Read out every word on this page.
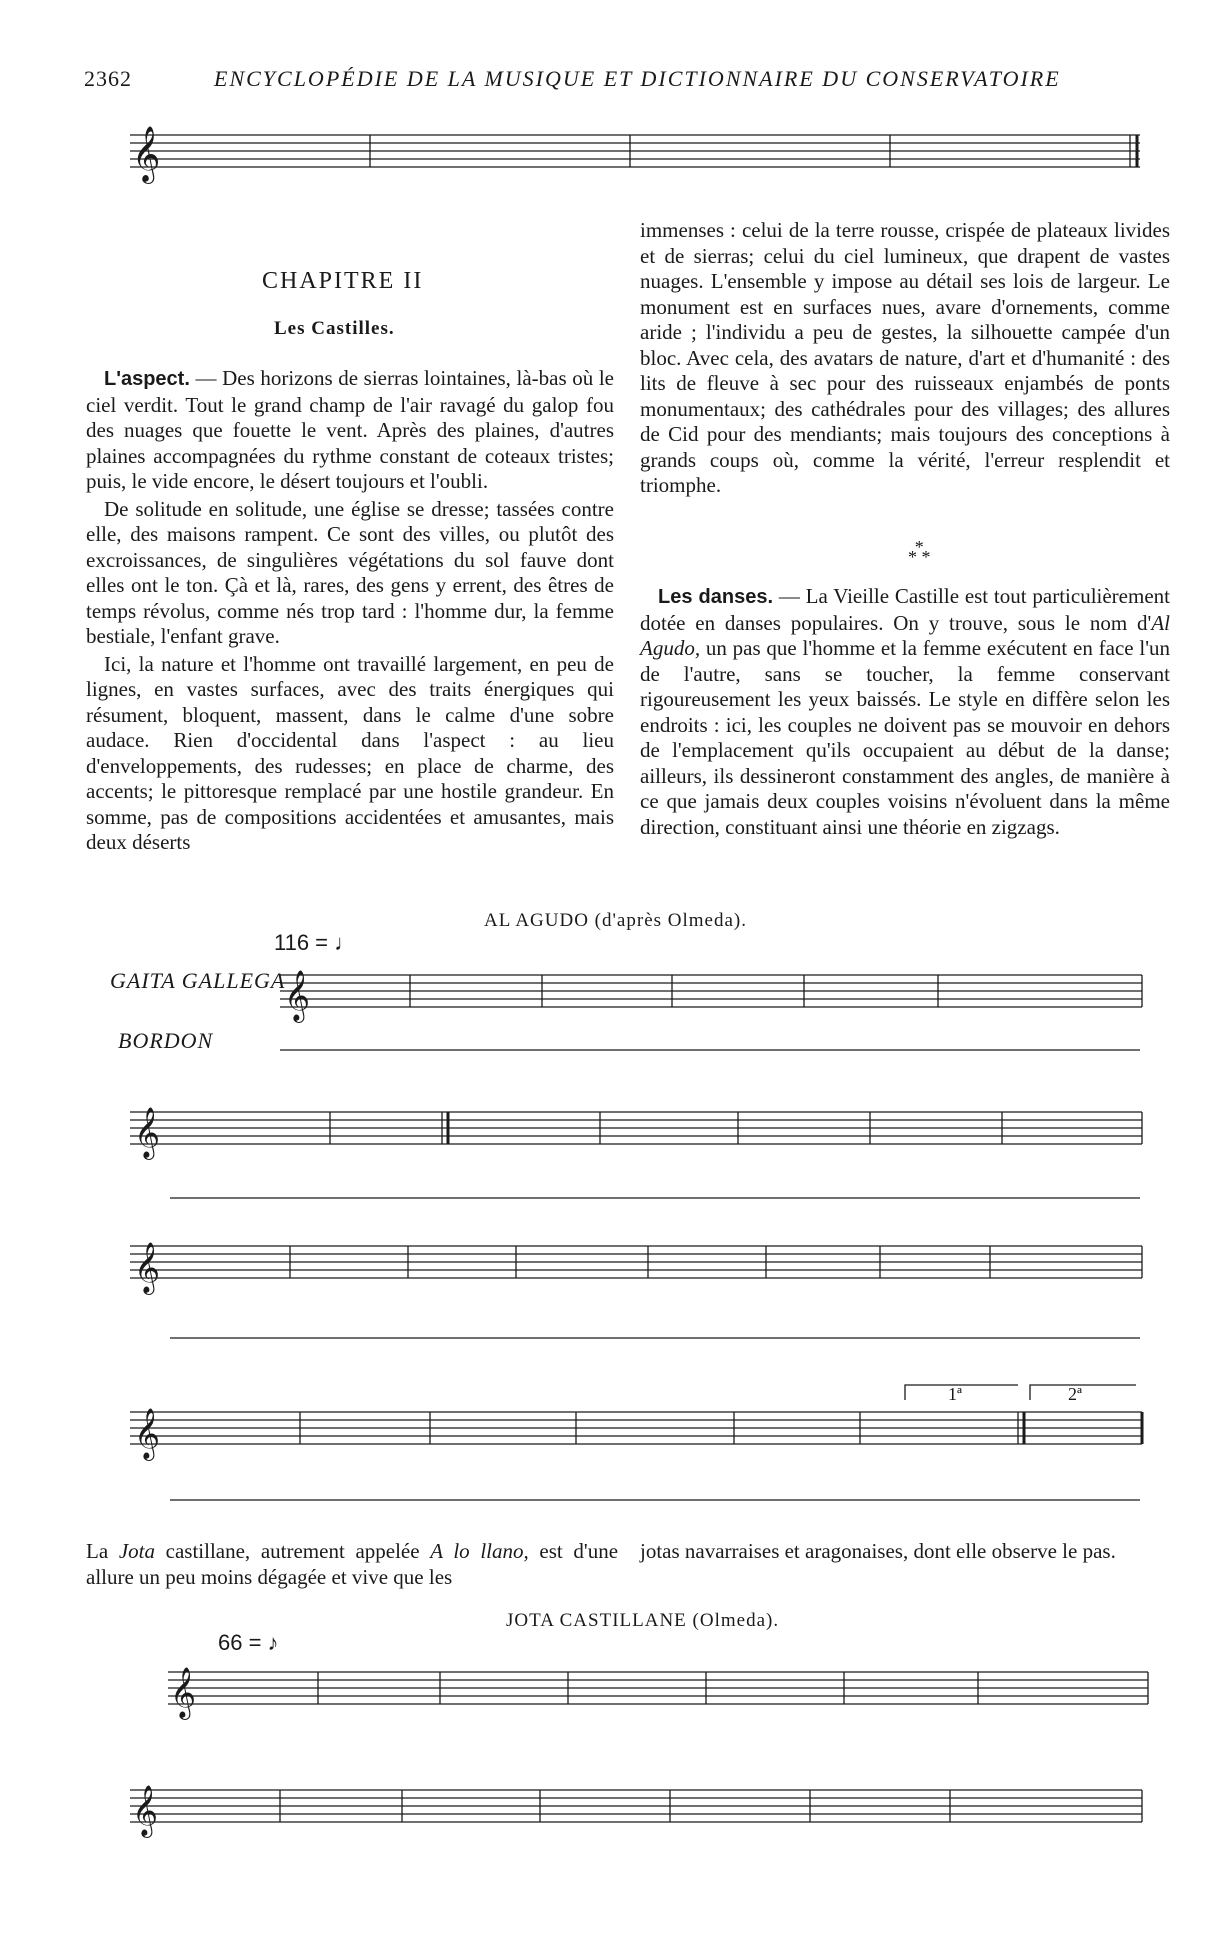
2362	ENCYCLOPÉDIE DE LA MUSIQUE ET DICTIONNAIRE DU CONSERVATOIRE
𝄞
CHAPITRE II
Les Castilles.

L'aspect. — Des horizons de sierras lointaines, là-bas où le ciel verdit. Tout le grand champ de l'air ravagé du galop fou des nuages que fouette le vent. Après des plaines, d'autres plaines accompagnées du rythme constant de coteaux tristes; puis, le vide encore, le désert toujours et l'oubli.

De solitude en solitude, une église se dresse; tassées contre elle, des maisons rampent. Ce sont des villes, ou plutôt des excroissances, de singulières végétations du sol fauve dont elles ont le ton. Çà et là, rares, des gens y errent, des êtres de temps révolus, comme nés trop tard : l'homme dur, la femme bestiale, l'enfant grave.

Ici, la nature et l'homme ont travaillé largement, en peu de lignes, en vastes surfaces, avec des traits énergiques qui résument, bloquent, massent, dans le calme d'une sobre audace. Rien d'occidental dans l'aspect : au lieu d'enveloppements, des rudesses; en place de charme, des accents; le pittoresque remplacé par une hostile grandeur. En somme, pas de compositions accidentées et amusantes, mais deux déserts

immenses : celui de la terre rousse, crispée de plateaux livides et de sierras; celui du ciel lumineux, que drapent de vastes nuages. L'ensemble y impose au détail ses lois de largeur. Le monument est en surfaces nues, avare d'ornements, comme aride ; l'individu a peu de gestes, la silhouette campée d'un bloc. Avec cela, des avatars de nature, d'art et d'humanité : des lits de fleuve à sec pour des ruisseaux enjambés de ponts monumentaux; des cathédrales pour des villages; des allures de Cid pour des mendiants; mais toujours des conceptions à grands coups où, comme la vérité, l'erreur resplendit et triomphe.

*
* *

Les danses. — La Vieille Castille est tout particulièrement dotée en danses populaires. On y trouve, sous le nom d'Al Agudo, un pas que l'homme et la femme exécutent en face l'un de l'autre, sans se toucher, la femme conservant rigoureusement les yeux baissés. Le style en diffère selon les endroits : ici, les couples ne doivent pas se mouvoir en dehors de l'emplacement qu'ils occupaient au début de la danse; ailleurs, ils dessineront constamment des angles, de manière à ce que jamais deux couples voisins n'évoluent dans la même direction, constituant ainsi une théorie en zigzags.

AL AGUDO (d'après Olmeda).
116 = ♩
GAITA GALLEGA
BORDON
𝄞
𝄞
𝄞
𝄞
1ª	2ª
La Jota castillane, autrement appelée A lo llano, est d'une allure un peu moins dégagée et vive que les
jotas navarraises et aragonaises, dont elle observe le pas.
JOTA CASTILLANE (Olmeda).
66 = ♪
𝄞
𝄞
